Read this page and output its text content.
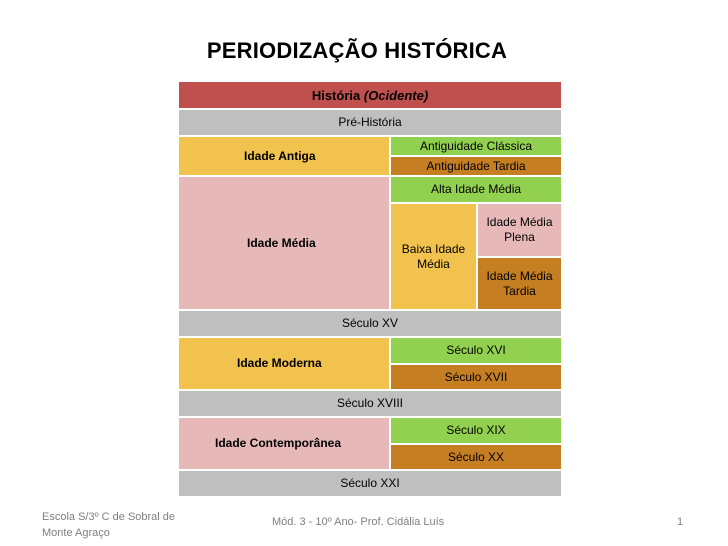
PERIODIZAÇÃO HISTÓRICA
História
(Ocidente)
Pré-História
Idade Antiga
Antiguidade Clássica
Antiguidade Tardia
Idade Média
Alta Idade Média
Baixa Idade
Média
Idade Média
Plena
Idade Média
Tardia
Século XV
Idade Moderna
Século XVI
Século XVII
Século XVIII
Idade Contemporânea
Século XIX
Século XX
Século XXI
Escola S/3º C de Sobral de
Monte Agraço
Mód. 3 - 10º Ano- Prof. Cidália Luís	1
